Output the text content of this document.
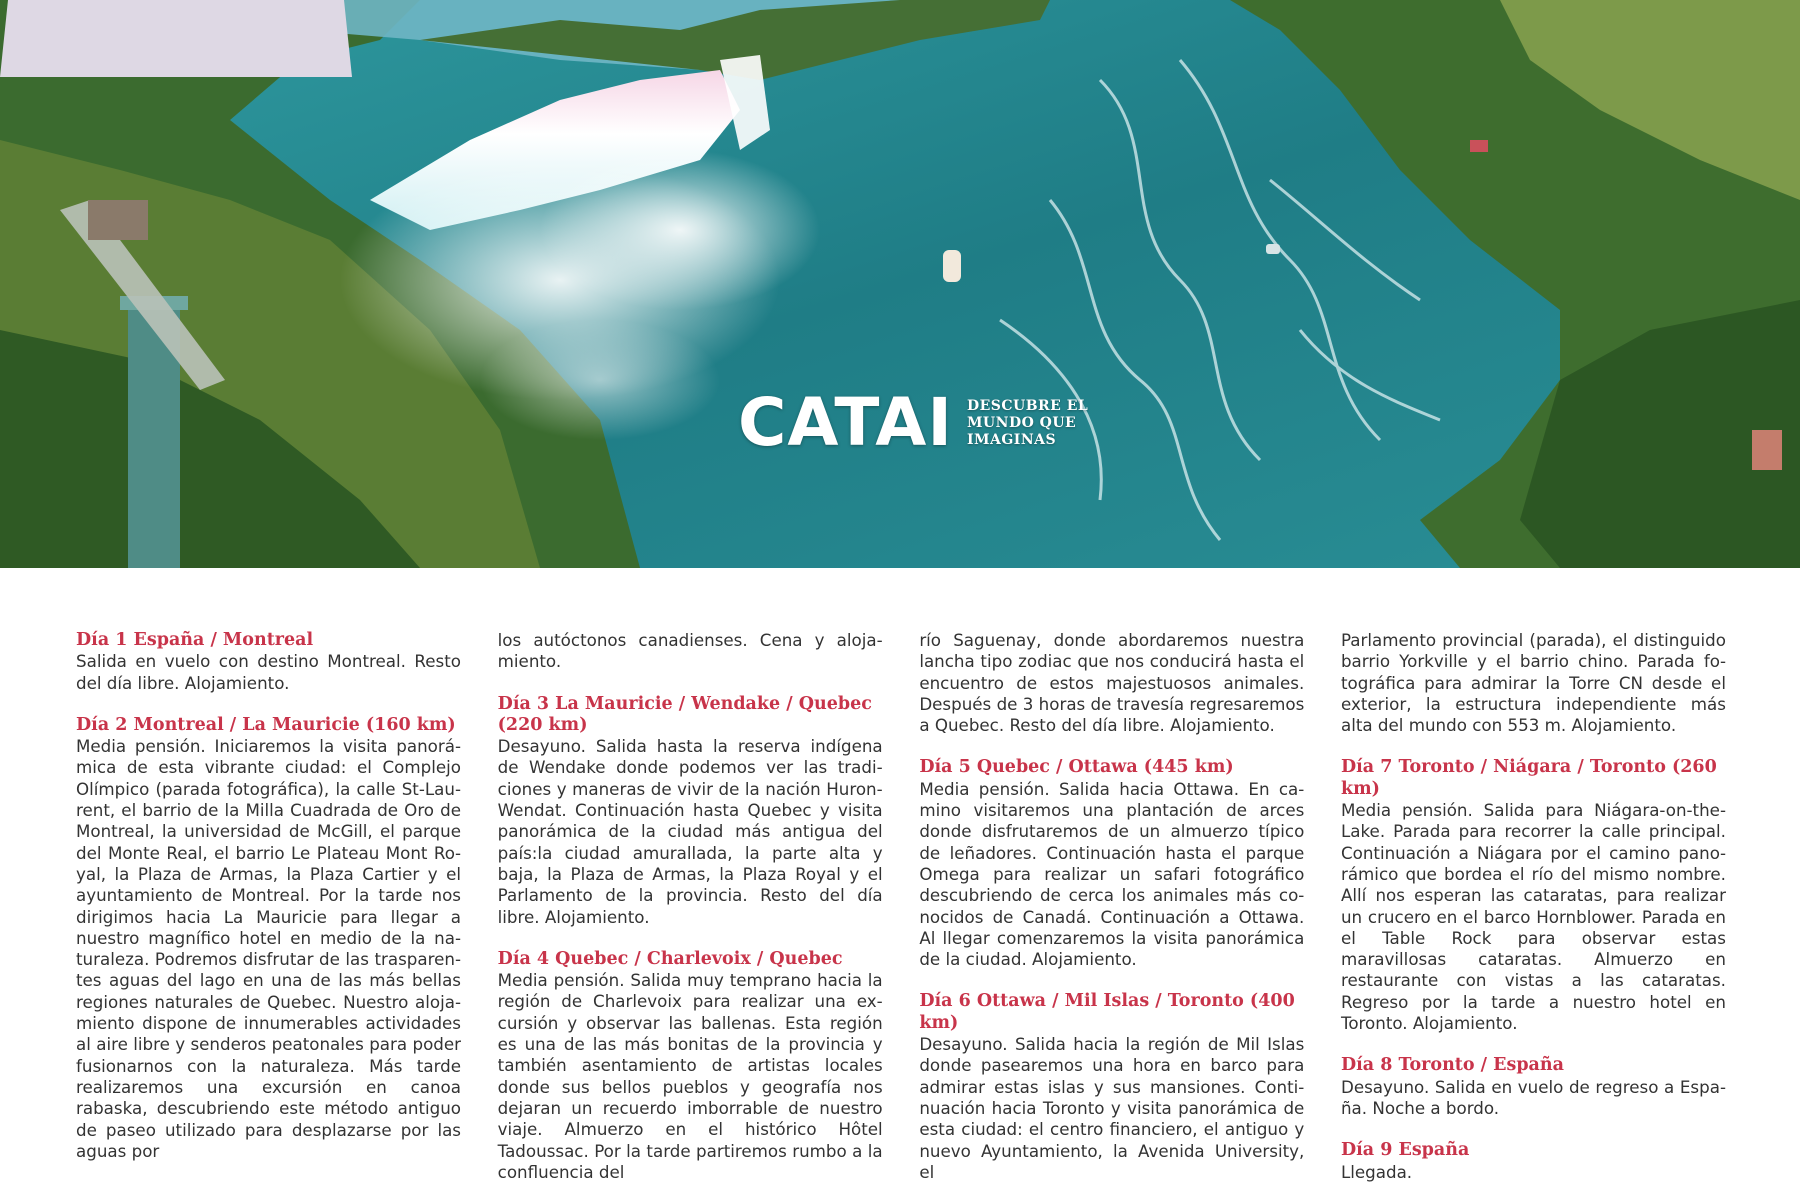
CATAI DESCUBRE EL
MUNDO QUE
IMAGINAS

Día 1 España / Montreal

Salida en vuelo con destino Montreal. Resto del día libre. Alojamiento.

Día 2 Montreal / La Mauricie (160 km)

Media pensión. Iniciaremos la visita panorámica de esta vibrante ciudad: el Complejo Olímpico (parada fotográfica), la calle St-Laurent, el barrio de la Milla Cuadrada de Oro de Montreal, la universidad de McGill, el parque del Monte Real, el barrio Le Plateau Mont Royal, la Plaza de Armas, la Plaza Cartier y el ayuntamiento de Montreal. Por la tarde nos dirigimos hacia La Mauricie para llegar a nuestro magnífico hotel en medio de la naturaleza. Podremos disfrutar de las trasparentes aguas del lago en una de las más bellas regiones naturales de Quebec. Nuestro alojamiento dispone de innumerables actividades al aire libre y senderos peatonales para poder fusionarnos con la naturaleza. Más tarde realizaremos una excursión en canoa rabaska, descubriendo este método antiguo de paseo utilizado para desplazarse por las aguas por

los autóctonos canadienses. Cena y alojamiento.

Día 3 La Mauricie / Wendake / Quebec (220 km)

Desayuno. Salida hasta la reserva indígena de Wendake donde podemos ver las tradiciones y maneras de vivir de la nación Huron-Wendat. Continuación hasta Quebec y visita panorámica de la ciudad más antigua del país:la ciudad amurallada, la parte alta y baja, la Plaza de Armas, la Plaza Royal y el Parlamento de la provincia. Resto del día libre. Alojamiento.

Día 4 Quebec / Charlevoix / Quebec

Media pensión. Salida muy temprano hacia la región de Charlevoix para realizar una excursión y observar las ballenas. Esta región es una de las más bonitas de la provincia y también asentamiento de artistas locales donde sus bellos pueblos y geografía nos dejaran un recuerdo imborrable de nuestro viaje. Almuerzo en el histórico Hôtel Tadoussac. Por la tarde partiremos rumbo a la confluencia del

río Saguenay, donde abordaremos nuestra lancha tipo zodiac que nos conducirá hasta el encuentro de estos majestuosos animales. Después de 3 horas de travesía regresaremos a Quebec. Resto del día libre. Alojamiento.

Día 5 Quebec / Ottawa (445 km)

Media pensión. Salida hacia Ottawa. En camino visitaremos una plantación de arces donde disfrutaremos de un almuerzo típico de leñadores. Continuación hasta el parque Omega para realizar un safari fotográfico descubriendo de cerca los animales más conocidos de Canadá. Continuación a Ottawa. Al llegar comenzaremos la visita panorámica de la ciudad. Alojamiento.

Día 6 Ottawa / Mil Islas / Toronto (400 km)

Desayuno. Salida hacia la región de Mil Islas donde pasearemos una hora en barco para admirar estas islas y sus mansiones. Continuación hacia Toronto y visita panorámica de esta ciudad: el centro financiero, el antiguo y nuevo Ayuntamiento, la Avenida University, el

Parlamento provincial (parada), el distinguido barrio Yorkville y el barrio chino. Parada fotográfica para admirar la Torre CN desde el exterior, la estructura independiente más alta del mundo con 553 m. Alojamiento.

Día 7 Toronto / Niágara / Toronto (260 km)

Media pensión. Salida para Niágara-on-the-Lake. Parada para recorrer la calle principal. Continuación a Niágara por el camino panorámico que bordea el río del mismo nombre. Allí nos esperan las cataratas, para realizar un crucero en el barco Hornblower. Parada en el Table Rock para observar estas maravillosas cataratas. Almuerzo en restaurante con vistas a las cataratas. Regreso por la tarde a nuestro hotel en Toronto. Alojamiento.

Día 8 Toronto / España

Desayuno. Salida en vuelo de regreso a España. Noche a bordo.

Día 9 España

Llegada.
